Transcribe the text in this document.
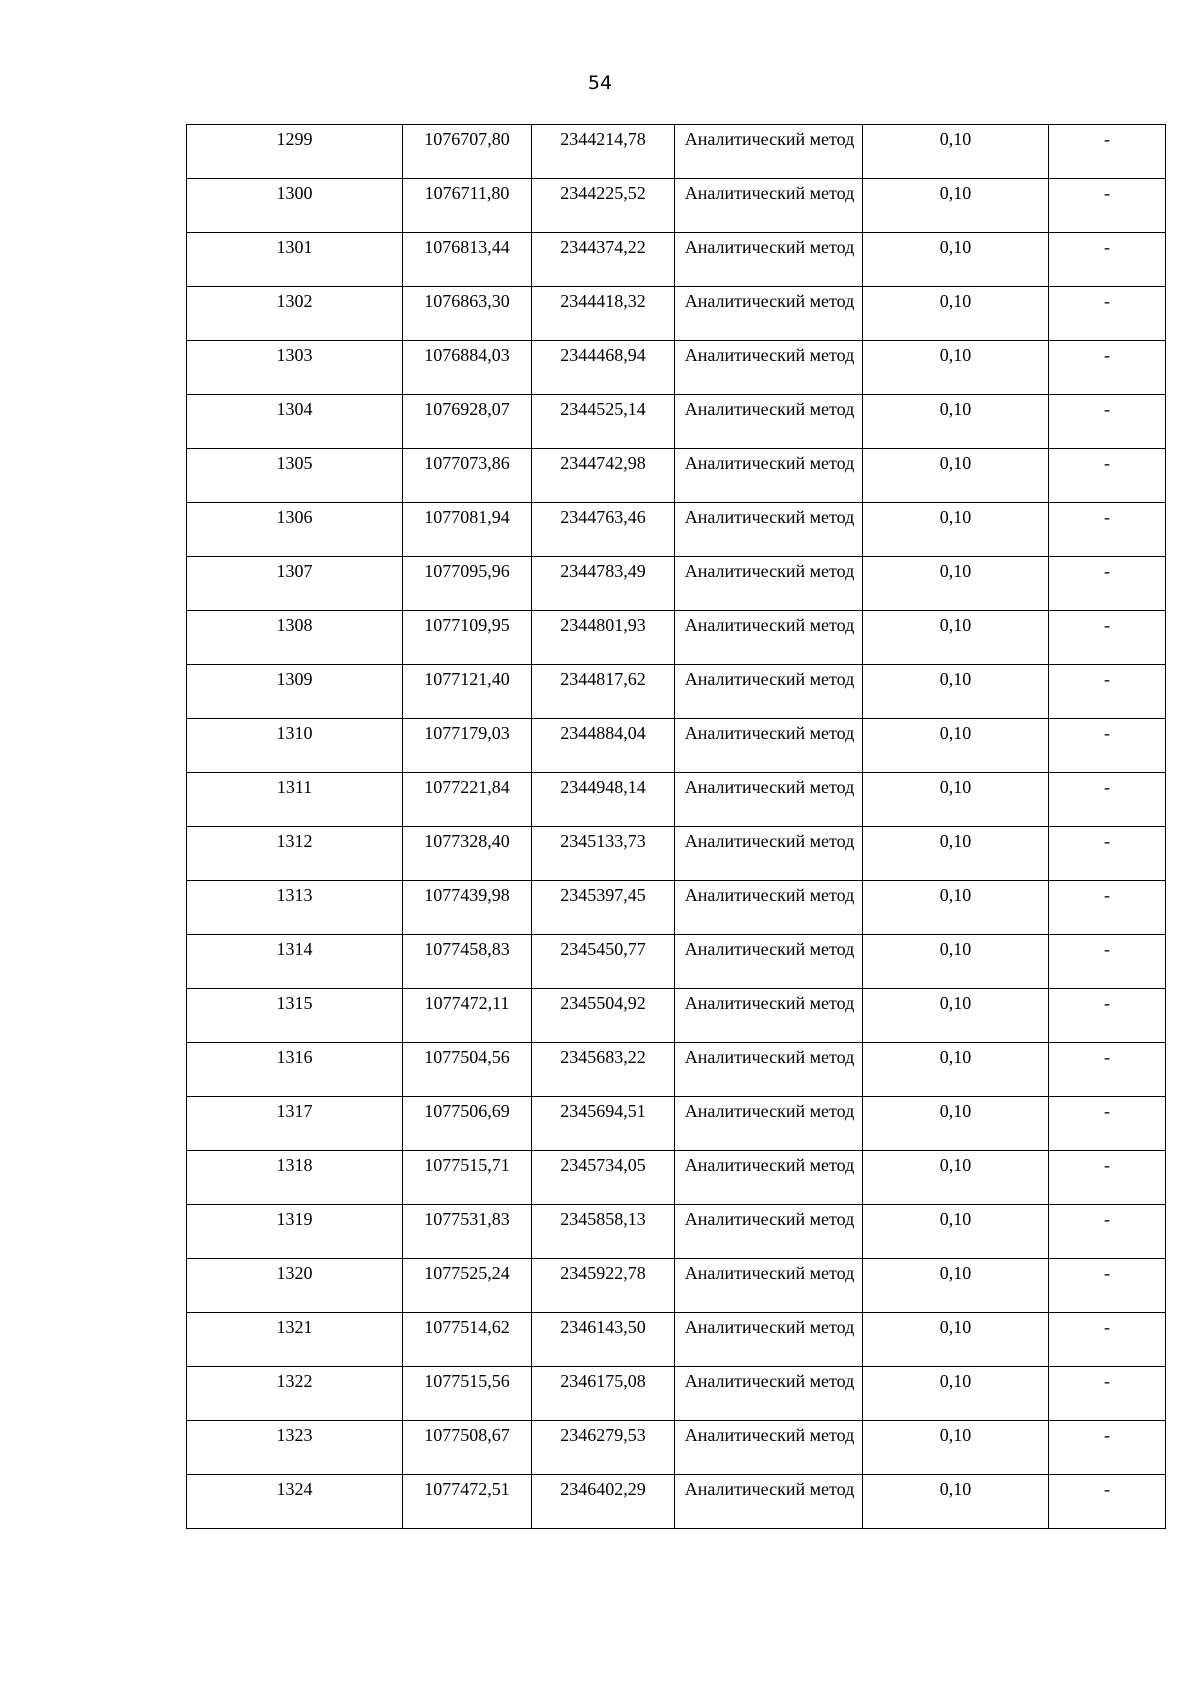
54
1299	1076707,80	2344214,78	Аналитический метод	0,10	-

1300	1076711,80	2344225,52	Аналитический метод	0,10	-

1301	1076813,44	2344374,22	Аналитический метод	0,10	-

1302	1076863,30	2344418,32	Аналитический метод	0,10	-

1303	1076884,03	2344468,94	Аналитический метод	0,10	-

1304	1076928,07	2344525,14	Аналитический метод	0,10	-

1305	1077073,86	2344742,98	Аналитический метод	0,10	-

1306	1077081,94	2344763,46	Аналитический метод	0,10	-

1307	1077095,96	2344783,49	Аналитический метод	0,10	-

1308	1077109,95	2344801,93	Аналитический метод	0,10	-

1309	1077121,40	2344817,62	Аналитический метод	0,10	-

1310	1077179,03	2344884,04	Аналитический метод	0,10	-

1311	1077221,84	2344948,14	Аналитический метод	0,10	-

1312	1077328,40	2345133,73	Аналитический метод	0,10	-

1313	1077439,98	2345397,45	Аналитический метод	0,10	-

1314	1077458,83	2345450,77	Аналитический метод	0,10	-

1315	1077472,11	2345504,92	Аналитический метод	0,10	-

1316	1077504,56	2345683,22	Аналитический метод	0,10	-

1317	1077506,69	2345694,51	Аналитический метод	0,10	-

1318	1077515,71	2345734,05	Аналитический метод	0,10	-

1319	1077531,83	2345858,13	Аналитический метод	0,10	-

1320	1077525,24	2345922,78	Аналитический метод	0,10	-

1321	1077514,62	2346143,50	Аналитический метод	0,10	-

1322	1077515,56	2346175,08	Аналитический метод	0,10	-

1323	1077508,67	2346279,53	Аналитический метод	0,10	-

1324	1077472,51	2346402,29	Аналитический метод	0,10	-
